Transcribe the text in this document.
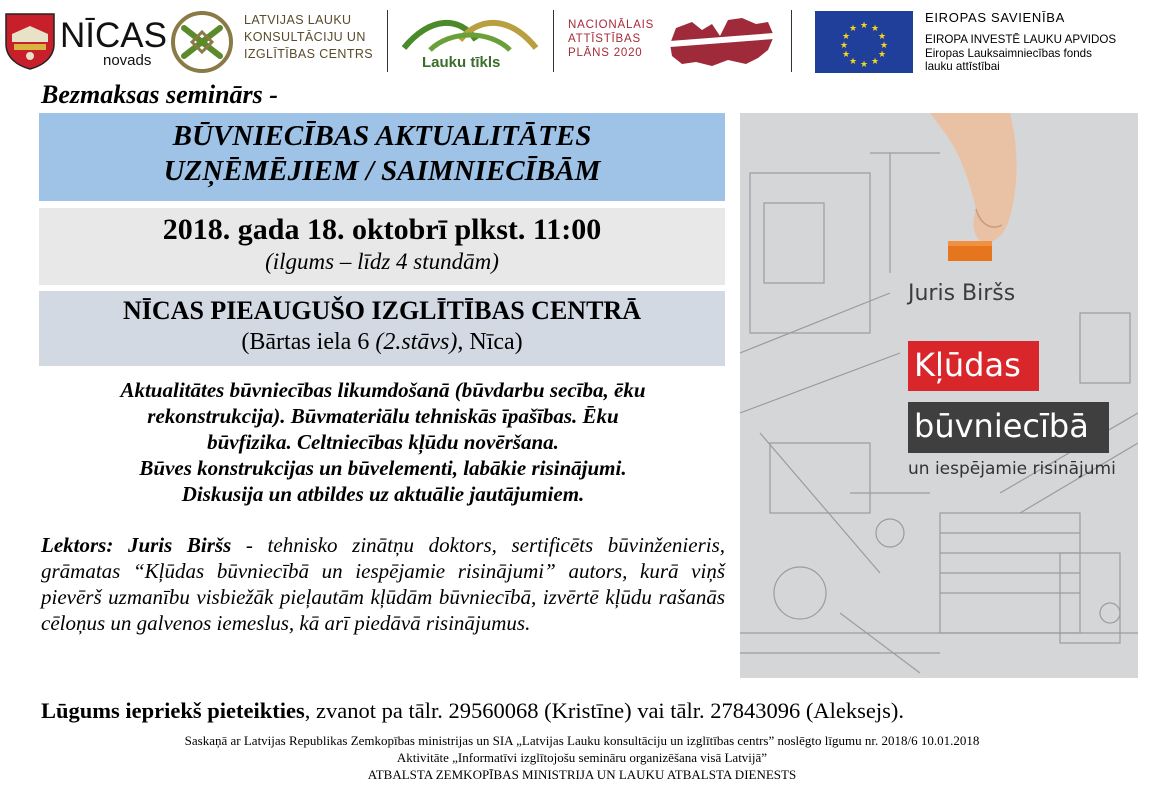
NĪCAS
novads
LATVIJAS LAUKU
KONSULTĀCIJU UN
IZGLĪTĪBAS CENTRS	Lauku tīkls
NACIONĀLAIS
ATTĪSTĪBAS
PLĀNS 2020
★ ★
★
★
★
★
★
★
★
★
★
★
EIROPAS SAVIENĪBA
EIROPA INVESTĒ LAUKU APVIDOS
Eiropas Lauksaimniecības fonds
lauku attīstībai
Bezmaksas seminārs -
BŪVNIECĪBAS AKTUALITĀTES
UZŅĒMĒJIEM / SAIMNIECĪBĀM
2018. gada 18. oktobrī plkst. 11:00
(ilgums – līdz 4 stundām)
NĪCAS PIEAUGUŠO IZGLĪTĪBAS CENTRĀ
(Bārtas iela 6 (2.stāvs), Nīca)
Aktualitātes būvniecības likumdošanā (būvdarbu secība, ēku
rekonstrukcija). Būvmateriālu tehniskās īpašības. Ēku
būvfizika. Celtniecības kļūdu novēršana.
Būves konstrukcijas un būvelementi, labākie risinājumi.
Diskusija un atbildes uz aktuālie jautājumiem.
Lektors: Juris Biršs - tehnisko zinātņu doktors, sertificēts būvinženieris, grāmatas “Kļūdas būvniecībā un iespējamie risinājumi” autors, kurā viņš pievērš uzmanību visbiežāk pieļautām kļūdām būvniecībā, izvērtē kļūdu rašanās cēloņus un galvenos iemeslus, kā arī piedāvā risinājumus.
Lūgums iepriekš pieteikties, zvanot pa tālr. 29560068 (Kristīne) vai tālr. 27843096 (Aleksejs).
Saskaņā ar Latvijas Republikas Zemkopības ministrijas un SIA „Latvijas Lauku konsultāciju un izglītības centrs” noslēgto līgumu nr. 2018/6 10.01.2018
Aktivitāte „Informatīvi izglītojošu semināru organizēšana visā Latvijā”
ATBALSTA ZEMKOPĪBAS MINISTRIJA UN LAUKU ATBALSTA DIENESTS
Juris Biršs
Kļūdas
būvniecībā
un iespējamie risinājumi
